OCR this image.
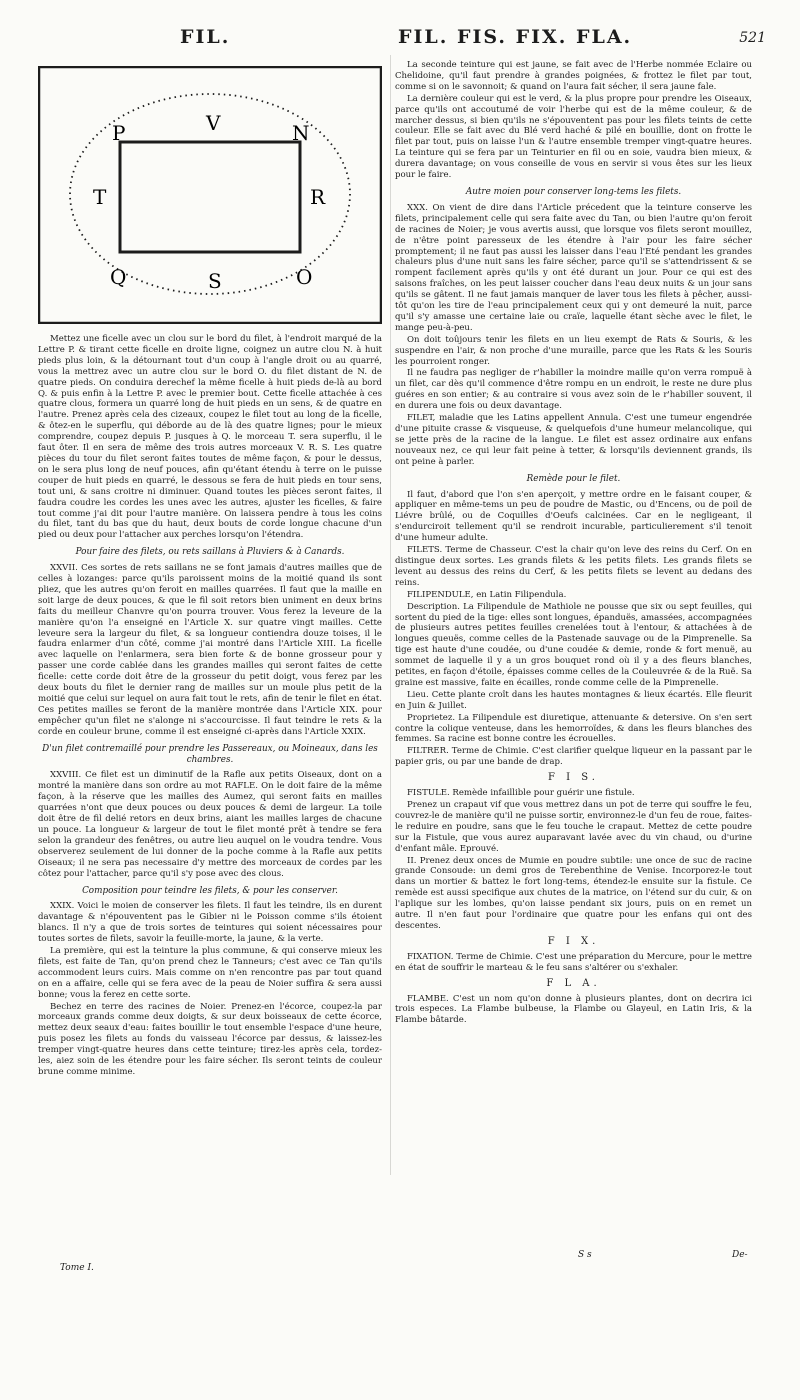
FIL.	FIL. FIS. FIX. FLA.	521
P	V	N
T	R
Q	S	O

Mettez une ficelle avec un clou sur le bord du filet, à l'endroit marqué de la Lettre P. & tirant cette ficelle en droite ligne, coignez un autre clou N. à huit pieds plus loin, & la détournant tout d'un coup à l'angle droit ou au quarré, vous la mettrez avec un autre clou sur le bord O. du filet distant de N. de quatre pieds. On conduira derechef la même ficelle à huit pieds de-là au bord Q. & puis enfin à la Lettre P. avec le premier bout. Cette ficelle attachée à ces quatre clous, formera un quarré long de huit pieds en un sens, & de quatre en l'autre. Prenez après cela des cizeaux, coupez le filet tout au long de la ficelle, & ôtez-en le superflu, qui déborde au de là des quatre lignes; pour le mieux comprendre, coupez depuis P. jusques à Q. le morceau T. sera superflu, il le faut ôter. Il en sera de même des trois autres morceaux V. R. S. Les quatre pièces du tour du filet seront faites toutes de même façon, & pour le dessus, on le sera plus long de neuf pouces, afin qu'étant étendu à terre on le puisse couper de huit pieds en quarré, le dessous se fera de huit pieds en tour sens, tout uni, & sans croitre ni diminuer. Quand toutes les pièces seront faites, il faudra coudre les cordes les unes avec les autres, ajuster les ficelles, & faire tout comme j'ai dit pour l'autre manière. On laissera pendre à tous les coins du filet, tant du bas que du haut, deux bouts de corde longue chacune d'un pied ou deux pour l'attacher aux perches lorsqu'on l'étendra.

Pour faire des filets, ou rets saillans à Pluviers & à Canards.

XXVII. Ces sortes de rets saillans ne se font jamais d'autres mailles que de celles à lozanges: parce qu'ils paroissent moins de la moitié quand ils sont pliez, que les autres qu'on feroit en mailles quarrées. Il faut que la maille en soit large de deux pouces, & que le fil soit retors bien uniment en deux brins faits du meilleur Chanvre qu'on pourra trouver. Vous ferez la leveure de la manière qu'on l'a enseigné en l'Article X. sur quatre vingt mailles. Cette leveure sera la largeur du filet, & sa longueur contiendra douze toises, il le faudra enlarmer d'un côté, comme j'ai montré dans l'Article XIII. La ficelle avec laquelle on l'enlarmera, sera bien forte & de bonne grosseur pour y passer une corde cablée dans les grandes mailles qui seront faites de cette ficelle: cette corde doit être de la grosseur du petit doigt, vous ferez par les deux bouts du filet le dernier rang de mailles sur un moule plus petit de la moitié que celui sur lequel on aura fait tout le rets, afin de tenir le filet en état. Ces petites mailles se feront de la manière montrée dans l'Article XIX. pour empêcher qu'un filet ne s'alonge ni s'accourcisse. Il faut teindre le rets & la corde en couleur brune, comme il est enseigné ci-après dans l'Article XXIX.

D'un filet contremaillé pour prendre les Passereaux, ou Moineaux, dans les chambres.

XXVIII. Ce filet est un diminutif de la Rafle aux petits Oiseaux, dont on a montré la manière dans son ordre au mot RAFLE. On le doit faire de la même façon, à la réserve que les mailles des Aumez, qui seront faits en mailles quarrées n'ont que deux pouces ou deux pouces & demi de largeur. La toile doit être de fil delié retors en deux brins, aiant les mailles larges de chacune un pouce. La longueur & largeur de tout le filet monté prêt à tendre se fera selon la grandeur des fenêtres, ou autre lieu auquel on le voudra tendre. Vous observerez seulement de lui donner de la poche comme à la Rafle aux petits Oiseaux; il ne sera pas necessaire d'y mettre des morceaux de cordes par les côtez pour l'attacher, parce qu'il s'y pose avec des clous.

Composition pour teindre les filets, & pour les conserver.

XXIX. Voici le moien de conserver les filets. Il faut les teindre, ils en durent davantage & n'épouventent pas le Gibier ni le Poisson comme s'ils étoient blancs. Il n'y a que de trois sortes de teintures qui soient nécessaires pour toutes sortes de filets, savoir la feuille-morte, la jaune, & la verte.

La première, qui est la teinture la plus commune, & qui conserve mieux les filets, est faite de Tan, qu'on prend chez le Tanneurs; c'est avec ce Tan qu'ils accommodent leurs cuirs. Mais comme on n'en rencontre pas par tout quand on en a affaire, celle qui se fera avec de la peau de Noier suffira & sera aussi bonne; vous la ferez en cette sorte.

Bechez en terre des racines de Noier. Prenez-en l'écorce, coupez-la par morceaux grands comme deux doigts, & sur deux boisseaux de cette écorce, mettez deux seaux d'eau: faites bouillir le tout ensemble l'espace d'une heure, puis posez les filets au fonds du vaisseau l'écorce par dessus, & laissez-les tremper vingt-quatre heures dans cette teinture; tirez-les après cela, tordez-les, aiez soin de les étendre pour les faire sécher. Ils seront teints de couleur brune comme minime.

La seconde teinture qui est jaune, se fait avec de l'Herbe nommée Eclaire ou Chelidoine, qu'il faut prendre à grandes poignées, & frottez le filet par tout, comme si on le savonnoit; & quand on l'aura fait sécher, il sera jaune fale.

La dernière couleur qui est le verd, & la plus propre pour prendre les Oiseaux, parce qu'ils ont accoutumé de voir l'herbe qui est de la même couleur, & de marcher dessus, si bien qu'ils ne s'épouventent pas pour les filets teints de cette couleur. Elle se fait avec du Blé verd haché & pilé en bouillie, dont on frotte le filet par tout, puis on laisse l'un & l'autre ensemble tremper vingt-quatre heures. La teinture qui se fera par un Teinturier en fil ou en soie, vaudra bien mieux, & durera davantage; on vous conseille de vous en servir si vous êtes sur les lieux pour le faire.

Autre moien pour conserver long-tems les filets.

XXX. On vient de dire dans l'Article précedent que la teinture conserve les filets, principalement celle qui sera faite avec du Tan, ou bien l'autre qu'on feroit de racines de Noier; je vous avertis aussi, que lorsque vos filets seront mouillez, de n'être point paresseux de les étendre à l'air pour les faire sécher promptement; il ne faut pas aussi les laisser dans l'eau l'Eté pendant les grandes chaleurs plus d'une nuit sans les faire sécher, parce qu'il se s'attendrissent & se rompent facilement après qu'ils y ont été durant un jour. Pour ce qui est des saisons fraîches, on les peut laisser coucher dans l'eau deux nuits & un jour sans qu'ils se gâtent. Il ne faut jamais manquer de laver tous les filets à pêcher, aussi-tôt qu'on les tire de l'eau principalement ceux qui y ont demeuré la nuit, parce qu'il s'y amasse une certaine laie ou craïe, laquelle étant sèche avec le filet, le mange peu-à-peu.

On doit toûjours tenir les filets en un lieu exempt de Rats & Souris, & les suspendre en l'air, & non proche d'une muraille, parce que les Rats & les Souris les pourroient ronger.

Il ne faudra pas negliger de r'habiller la moindre maille qu'on verra rompuë à un filet, car dès qu'il commence d'être rompu en un endroit, le reste ne dure plus guéres en son entier; & au contraire si vous avez soin de le r'habiller souvent, il en durera une fois ou deux davantage.

FILET, maladie que les Latins appellent Annula. C'est une tumeur engendrée d'une pituite crasse & visqueuse, & quelquefois d'une humeur melancolique, qui se jette près de la racine de la langue. Le filet est assez ordinaire aux enfans nouveaux nez, ce qui leur fait peine à tetter, & lorsqu'ils deviennent grands, ils ont peine à parler.

Remède pour le filet.

Il faut, d'abord que l'on s'en aperçoit, y mettre ordre en le faisant couper, & appliquer en même-tems un peu de poudre de Mastic, ou d'Encens, ou de poil de Liévre brûlé, ou de Coquilles d'Oeufs calcinées. Car en le negligeant, il s'endurciroit tellement qu'il se rendroit incurable, particulierement s'il tenoit d'une humeur adulte.

FILETS. Terme de Chasseur. C'est la chair qu'on leve des reins du Cerf. On en distingue deux sortes. Les grands filets & les petits filets. Les grands filets se levent au dessus des reins du Cerf, & les petits filets se levent au dedans des reins.

FILIPENDULE, en Latin Filipendula.

Description. La Filipendule de Mathiole ne pousse que six ou sept feuilles, qui sortent du pied de la tige: elles sont longues, épanduës, amassées, accompagnées de plusieurs autres petites feuilles crenelées tout à l'entour, & attachées à de longues queuës, comme celles de la Pastenade sauvage ou de la Pimprenelle. Sa tige est haute d'une coudée, ou d'une coudée & demie, ronde & fort menuë, au sommet de laquelle il y a un gros bouquet rond où il y a des fleurs blanches, petites, en façon d'étoile, épaisses comme celles de la Couleuvrée & de la Ruë. Sa graine est massive, faite en écailles, ronde comme celle de la Pimprenelle.

Lieu. Cette plante croît dans les hautes montagnes & lieux écartés. Elle fleurit en Juin & Juillet.

Proprietez. La Filipendule est diuretique, attenuante & detersive. On s'en sert contre la colique venteuse, dans les hemorroïdes, & dans les fleurs blanches des femmes. Sa racine est bonne contre les écrouelles.

FILTRER. Terme de Chimie. C'est clarifier quelque liqueur en la passant par le papier gris, ou par une bande de drap.

F I S.

FISTULE. Remède infaillible pour guérir une fistule.

Prenez un crapaut vif que vous mettrez dans un pot de terre qui souffre le feu, couvrez-le de manière qu'il ne puisse sortir, environnez-le d'un feu de roue, faites-le reduire en poudre, sans que le feu touche le crapaut. Mettez de cette poudre sur la Fistule, que vous aurez auparavant lavée avec du vin chaud, ou d'urine d'enfant mâle. Eprouvé.

II. Prenez deux onces de Mumie en poudre subtile: une once de suc de racine grande Consoude: un demi gros de Terebenthine de Venise. Incorporez-le tout dans un mortier & battez le fort long-tems, étendez-le ensuite sur la fistule. Ce remède est aussi specifique aux chutes de la matrice, on l'étend sur du cuir, & on l'aplique sur les lombes, qu'on laisse pendant six jours, puis on en remet un autre. Il n'en faut pour l'ordinaire que quatre pour les enfans qui ont des descentes.

F I X.

FIXATION. Terme de Chimie. C'est une préparation du Mercure, pour le mettre en état de souffrir le marteau & le feu sans s'altérer ou s'exhaler.

F L A.

FLAMBE. C'est un nom qu'on donne à plusieurs plantes, dont on decrira ici trois especes. La Flambe bulbeuse, la Flambe ou Glayeul, en Latin Iris, & la Flambe bâtarde.

Tome I.
S s	De-
